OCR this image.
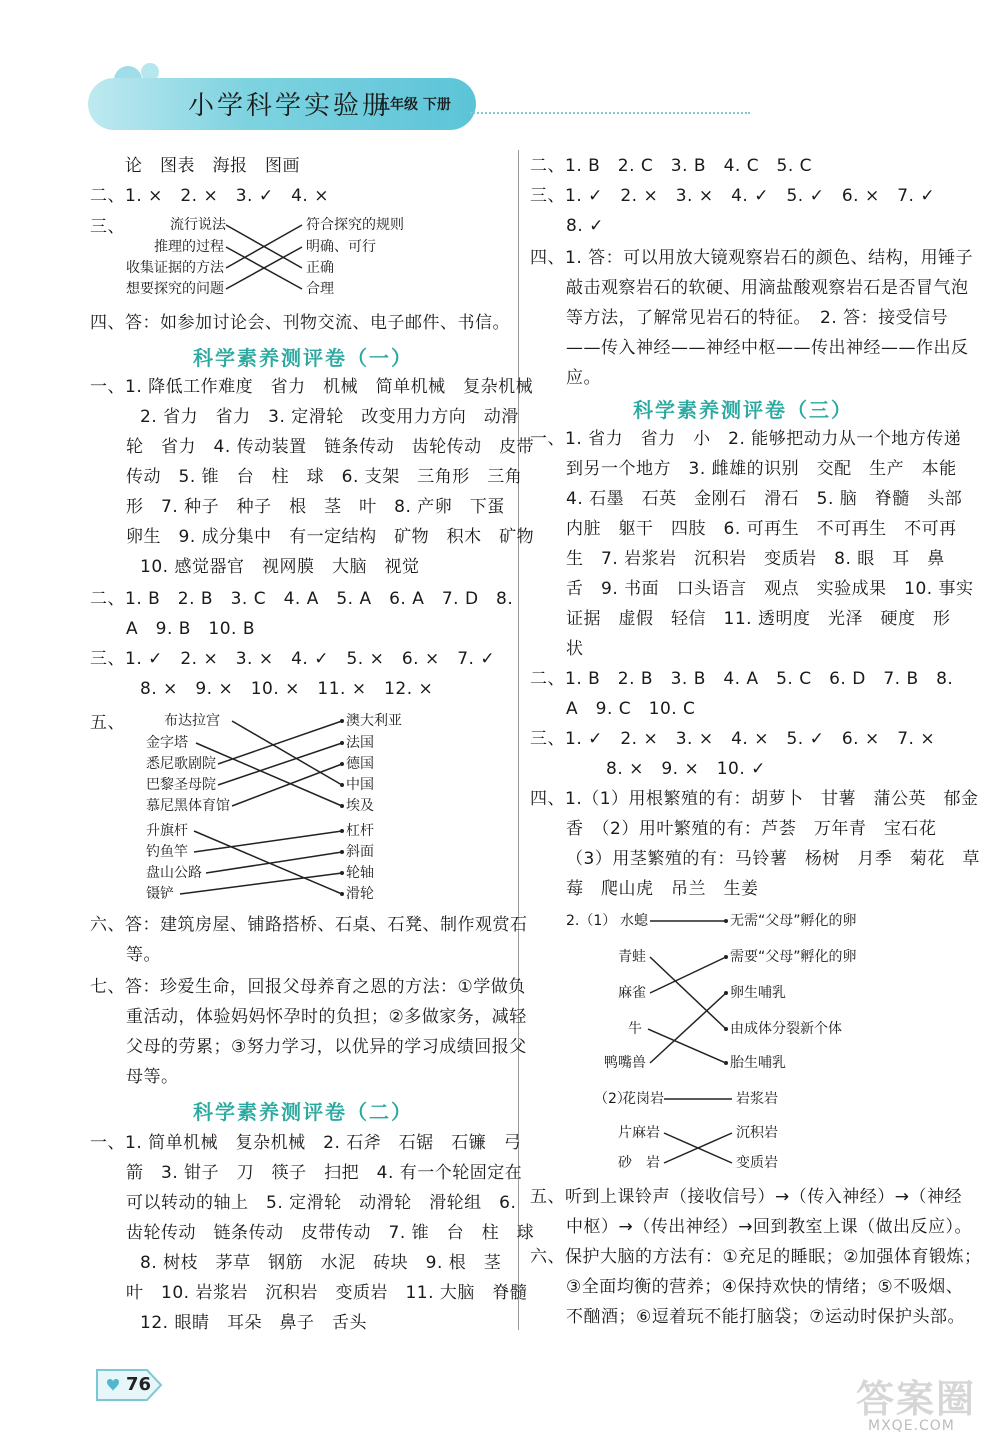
小学科学实验册
五年级 下册
论　图表　海报　图画
二、1. ×　2. ×　3. ✓　4. ×
三、	流行说法
推理的过程
收集证据的方法
想要探究的问题
符合探究的规则
明确、可行
正确
合理
四、答：如参加讨论会、刊物交流、电子邮件、书信。
科学素养测评卷（一）
一、1. 降低工作难度　省力　机械　简单机械　复杂机械
2. 省力　省力　3. 定滑轮　改变用力方向　动滑
轮　省力　4. 传动装置　链条传动　齿轮传动　皮带
传动　5. 锥　台　柱　球　6. 支架　三角形　三角
形　7. 种子　种子　根　茎　叶　8. 产卵　下蛋
卵生　9. 成分集中　有一定结构　矿物　积木　矿物
10. 感觉器官　视网膜　大脑　视觉
二、1. B　2. B　3. C　4. A　5. A　6. A　7. D　8.
A　9. B　10. B
三、1. ✓　2. ×　3. ×　4. ✓　5. ×　6. ×　7. ✓
8. ×　9. ×　10. ×　11. ×　12. ×
五、	布达拉宫
金字塔
悉尼歌剧院
巴黎圣母院
慕尼黑体育馆
澳大利亚
法国
德国
中国
埃及
升旗杆
钓鱼竿
盘山公路
镊铲
杠杆
斜面
轮轴
滑轮
六、答：建筑房屋、铺路搭桥、石桌、石凳、制作观赏石
等。
七、答：珍爱生命，回报父母养育之恩的方法：①学做负
重活动，体验妈妈怀孕时的负担；②多做家务，减轻
父母的劳累；③努力学习，以优异的学习成绩回报父
母等。
科学素养测评卷（二）
一、1. 简单机械　复杂机械　2. 石斧　石锯　石镰　弓
箭　3. 钳子　刀　筷子　扫把　4. 有一个轮固定在
可以转动的轴上　5. 定滑轮　动滑轮　滑轮组　6.
齿轮传动　链条传动　皮带传动　7. 锥　台　柱　球
8. 树枝　茅草　钢筋　水泥　砖块　9. 根　茎
叶　10. 岩浆岩　沉积岩　变质岩　11. 大脑　脊髓
12. 眼睛　耳朵　鼻子　舌头
二、1. B　2. C　3. B　4. C　5. C
三、1. ✓　2. ×　3. ×　4. ✓　5. ✓　6. ×　7. ✓
8. ✓
四、1. 答：可以用放大镜观察岩石的颜色、结构，用锤子
敲击观察岩石的软硬、用滴盐酸观察岩石是否冒气泡
等方法，了解常见岩石的特征。　2. 答：接受信号
——传入神经——神经中枢——传出神经——作出反
应。
科学素养测评卷（三）
一、1. 省力　省力　小　2. 能够把动力从一个地方传递
到另一个地方　3. 雌雄的识别　交配　生产　本能
4. 石墨　石英　金刚石　滑石　5. 脑　脊髓　头部
内脏　躯干　四肢　6. 可再生　不可再生　不可再
生　7. 岩浆岩　沉积岩　变质岩　8. 眼　耳　鼻
舌　9. 书面　口头语言　观点　实验成果　10. 事实
证据　虚假　轻信　11. 透明度　光泽　硬度　形
状
二、1. B　2. B　3. B　4. A　5. C　6. D　7. B　8.
A　9. C　10. C
三、1. ✓　2. ×　3. ×　4. ×　5. ✓　6. ×　7. ×
8. ×　9. ×　10. ✓
四、1.（1）用根繁殖的有：胡萝卜　甘薯　蒲公英　郁金
香　（2）用叶繁殖的有：芦荟　万年青　宝石花
（3）用茎繁殖的有：马铃薯　杨树　月季　菊花　草
莓　爬山虎　吊兰　生姜
2.（1） 水螅
青蛙
麻雀
牛
鸭嘴兽
无需“父母”孵化的卵
需要“父母”孵化的卵
卵生哺乳
由成体分裂新个体
胎生哺乳
（2）
花岗岩
片麻岩
砂　岩
岩浆岩
沉积岩
变质岩
五、听到上课铃声（接收信号）→（传入神经）→（神经
中枢）→（传出神经）→回到教室上课（做出反应）。
六、保护大脑的方法有：①充足的睡眠；②加强体育锻炼；
③全面均衡的营养；④保持欢快的情绪；⑤不吸烟、
不酗酒；⑥逗着玩不能打脑袋；⑦运动时保护头部。
76	答案圈
MXQE.COM
